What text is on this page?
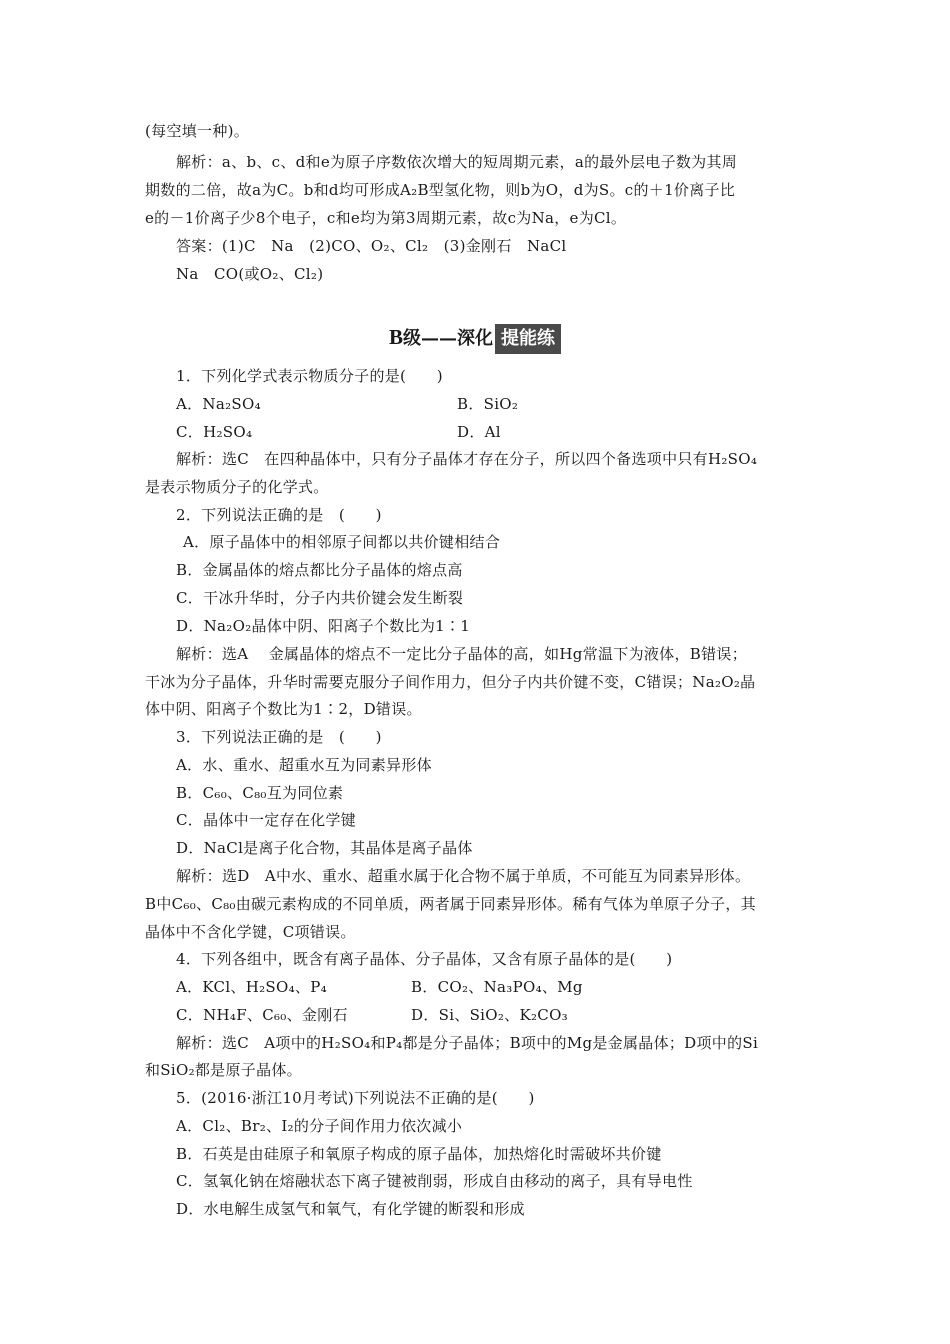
(每空填一种)。
解析：a、b、c、d和e为原子序数依次增大的短周期元素，a的最外层电子数为其周
期数的二倍，故a为C。b和d均可形成A₂B型氢化物，则b为O，d为S。c的＋1价离子比
e的－1价离子少8个电子，c和e均为第3周期元素，故c为Na，e为Cl。
答案：(1)C　Na　(2)CO、O₂、Cl₂　(3)金刚石　NaCl
Na　CO(或O₂、Cl₂)
B级——深化 提能练
1．下列化学式表示物质分子的是(　　)
A．Na₂SO₄	B．SiO₂
C．H₂SO₄	D．Al
解析：选C　在四种晶体中，只有分子晶体才存在分子，所以四个备选项中只有H₂SO₄
是表示物质分子的化学式。
2．下列说法正确的是　(　　)
A．原子晶体中的相邻原子间都以共价键相结合
B．金属晶体的熔点都比分子晶体的熔点高
C．干冰升华时，分子内共价键会发生断裂
D．Na₂O₂晶体中阴、阳离子个数比为1∶1
解析：选A　 金属晶体的熔点不一定比分子晶体的高，如Hg常温下为液体，B错误；
干冰为分子晶体，升华时需要克服分子间作用力，但分子内共价键不变，C错误；Na₂O₂晶
体中阴、阳离子个数比为1∶2，D错误。
3．下列说法正确的是　(　　)
A．水、重水、超重水互为同素异形体
B．C₆₀、C₈₀互为同位素
C．晶体中一定存在化学键
D．NaCl是离子化合物，其晶体是离子晶体
解析：选D　A中水、重水、超重水属于化合物不属于单质，不可能互为同素异形体。
B中C₆₀、C₈₀由碳元素构成的不同单质，两者属于同素异形体。稀有气体为单原子分子，其
晶体中不含化学键，C项错误。
4．下列各组中，既含有离子晶体、分子晶体，又含有原子晶体的是(　　)
A．KCl、H₂SO₄、P₄	B．CO₂、Na₃PO₄、Mg
C．NH₄F、C₆₀、金刚石	D．Si、SiO₂、K₂CO₃
解析：选C　A项中的H₂SO₄和P₄都是分子晶体；B项中的Mg是金属晶体；D项中的Si
和SiO₂都是原子晶体。
5．(2016·浙江10月考试)下列说法不正确的是(　　)
A．Cl₂、Br₂、I₂的分子间作用力依次减小
B．石英是由硅原子和氧原子构成的原子晶体，加热熔化时需破坏共价键
C．氢氧化钠在熔融状态下离子键被削弱，形成自由移动的离子，具有导电性
D．水电解生成氢气和氧气，有化学键的断裂和形成
